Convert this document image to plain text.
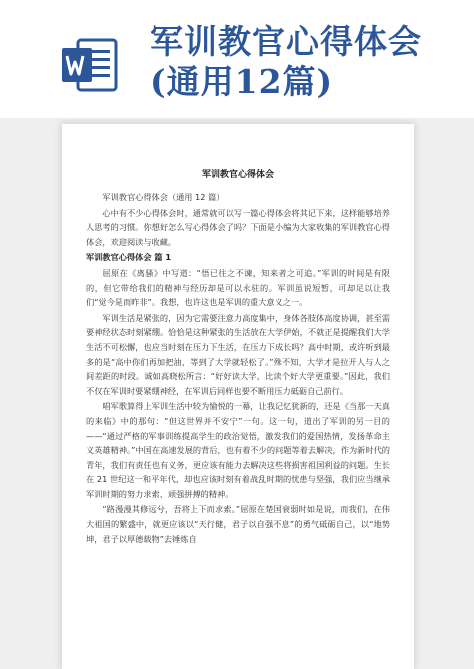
军训教官心得体会
(通用12篇)
军训教官心得体会

军训教官心得体会（通用 12 篇）

心中有不少心得体会时，通常就可以写一篇心得体会将其记下来，这样能够培养人思考的习惯。你想好怎么写心得体会了吗？下面是小编为大家收集的军训教官心得体会，欢迎阅读与收藏。

军训教官心得体会 篇 1

屈原在《离骚》中写道：“悟已往之不谏，知来者之可追。”军训的时间是有限的，但它带给我们的精神与经历却是可以永驻的。军训虽说短暂，可却足以让我们“觉今是而昨非”。我想，也许这也是军训的重大意义之一。

军训生活是紧张的，因为它需要注意力高度集中，身体各肢体高度协调，甚至需要神经状态时刻紧绷。恰恰是这种紧张的生活放在大学伊始，不就正是提醒我们大学生活不可松懈，也应当时刻在压力下生活，在压力下成长吗？高中时期，或许听到最多的是“高中你们再加把油，等到了大学就轻松了。”殊不知，大学才是拉开人与人之间差距的时段。诚如高晓松所言：“好好读大学，比读个好大学更重要。”因此，我们不仅在军训时要紧绷神经，在军训后同样也要不断用压力砥砺自己前行。

唱军歌算得上军训生活中较为愉悦的一幕，让我记忆犹新的，还是《当那一天真的来临》中的那句：“但这世界并不安宁”一句。这一句，道出了军训的另一目的——“通过严格的军事训练提高学生的政治觉悟，激发我们的爱国热情，发扬革命主义英雄精神。”中国在高速发展的背后，也有着不少的问题等着去解决，作为新时代的青年，我们有责任也有义务，更应该有能力去解决这些将损害祖国利益的问题。生长在 21 世纪这一和平年代，却也应该时刻有着战乱时期的忧患与坚强，我们应当继承军训时期的努力求索、顽强拼搏的精神。

“路漫漫其修远兮，吾将上下而求索。”屈原在楚国衰弱时如是说，而我们，在伟大祖国的繁盛中，就更应该以“天行健，君子以自强不息”的勇气砥砺自己，以“地势坤，君子以厚德载物”去锤炼自
